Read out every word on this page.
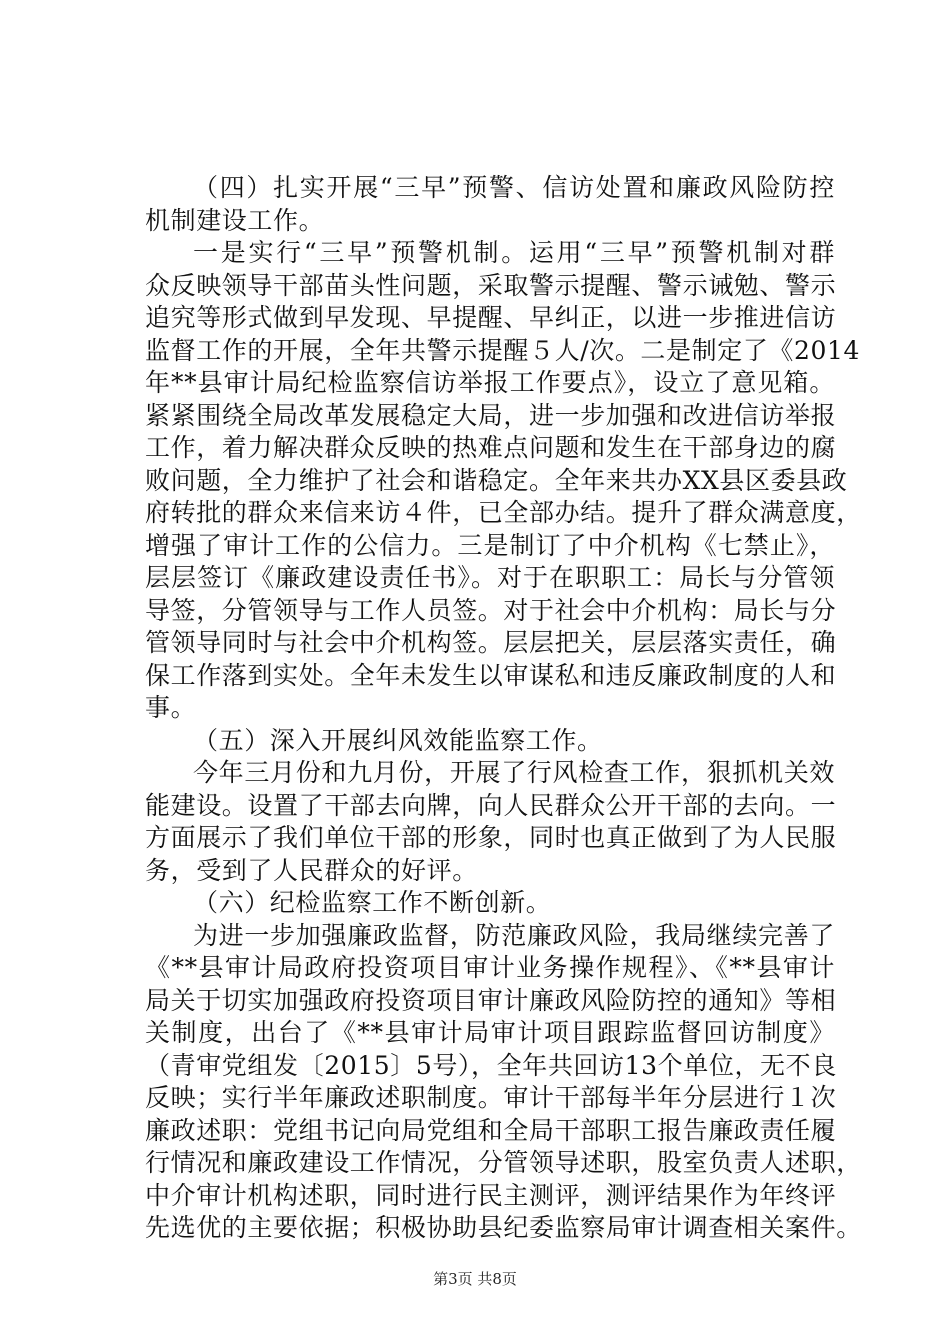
（四）扎实开展“三早”预警、信访处置和廉政风险防控
机制建设工作。
一是实行“三早”预警机制。运用“三早”预警机制对群
众反映领导干部苗头性问题，采取警示提醒、警示诫勉、警示
追究等形式做到早发现、早提醒、早纠正，以进一步推进信访
监督工作的开展，全年共警示提醒５人/次。二是制定了《2014
年**县审计局纪检监察信访举报工作要点》，设立了意见箱。
紧紧围绕全局改革发展稳定大局，进一步加强和改进信访举报
工作，着力解决群众反映的热难点问题和发生在干部身边的腐
败问题，全力维护了社会和谐稳定。全年来共办XX县区委县政
府转批的群众来信来访４件，已全部办结。提升了群众满意度，
增强了审计工作的公信力。三是制订了中介机构《七禁止》，
层层签订《廉政建设责任书》。对于在职职工：局长与分管领
导签，分管领导与工作人员签。对于社会中介机构：局长与分
管领导同时与社会中介机构签。层层把关，层层落实责任，确
保工作落到实处。全年未发生以审谋私和违反廉政制度的人和
事。
（五）深入开展纠风效能监察工作。
今年三月份和九月份，开展了行风检查工作，狠抓机关效
能建设。设置了干部去向牌，向人民群众公开干部的去向。一
方面展示了我们单位干部的形象，同时也真正做到了为人民服
务，受到了人民群众的好评。
（六）纪检监察工作不断创新。
为进一步加强廉政监督，防范廉政风险，我局继续完善了
《**县审计局政府投资项目审计业务操作规程》、《**县审计
局关于切实加强政府投资项目审计廉政风险防控的通知》等相
关制度，出台了《**县审计局审计项目跟踪监督回访制度》
（青审党组发〔2015〕5号），全年共回访13个单位，无不良
反映；实行半年廉政述职制度。审计干部每半年分层进行１次
廉政述职：党组书记向局党组和全局干部职工报告廉政责任履
行情况和廉政建设工作情况，分管领导述职，股室负责人述职，
中介审计机构述职，同时进行民主测评，测评结果作为年终评
先选优的主要依据；积极协助县纪委监察局审计调查相关案件。
第3页 共8页
